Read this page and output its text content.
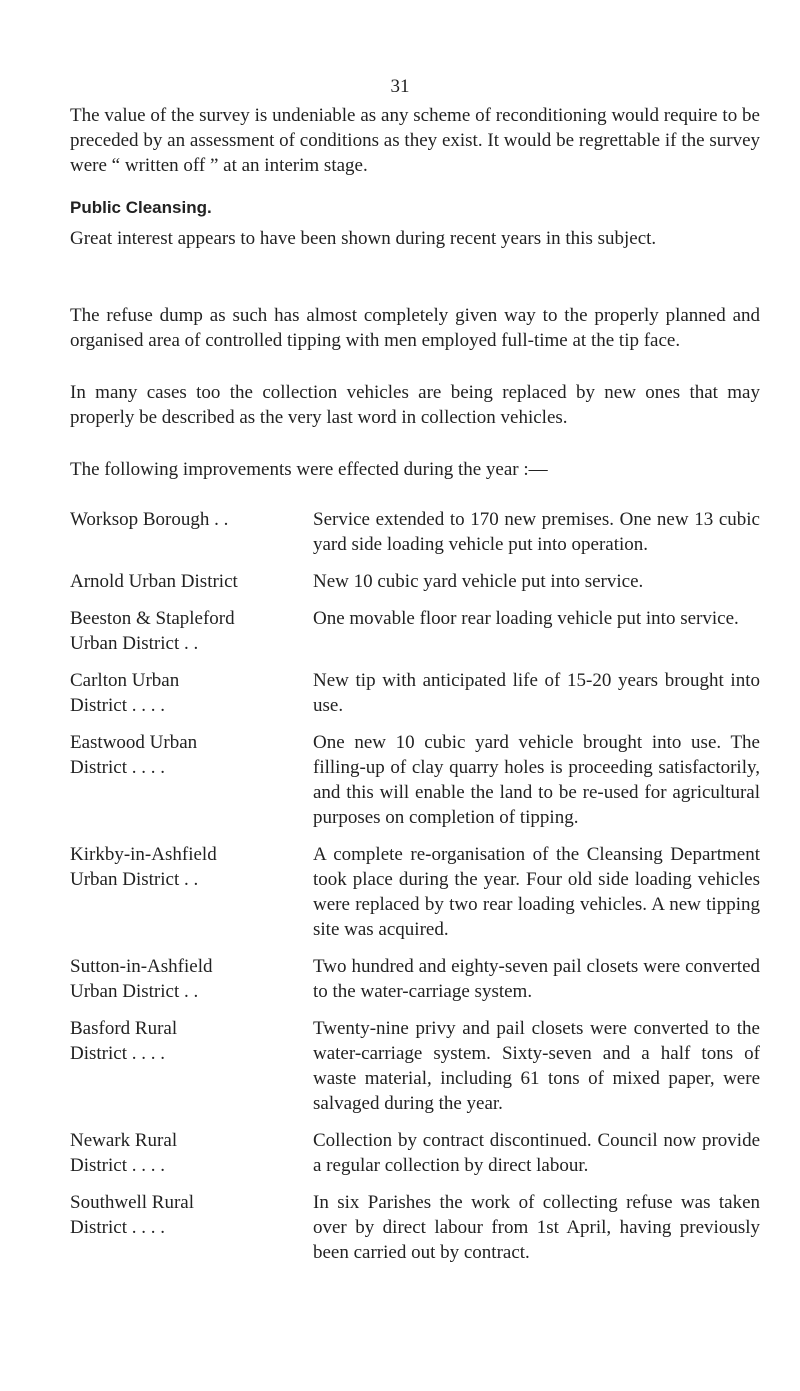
31
The value of the survey is undeniable as any scheme of reconditioning would require to be preceded by an assessment of conditions as they exist. It would be regrettable if the survey were “ written off ” at an interim stage.
Public Cleansing.
Great interest appears to have been shown during recent years in this subject.
The refuse dump as such has almost completely given way to the properly planned and organised area of controlled tipping with men employed full-time at the tip face.
In many cases too the collection vehicles are being replaced by new ones that may properly be described as the very last word in collection vehicles.
The following improvements were effected during the year :—
Worksop Borough . .	Service extended to 170 new premises. One new 13 cubic yard side loading vehicle put into operation.
Arnold Urban District	New 10 cubic yard vehicle put into service.
Beeston & Stapleford
Urban District . .
One movable floor rear loading vehicle put into service.
Carlton Urban
District . . . .
New tip with anticipated life of 15-20 years brought into use.
Eastwood Urban
District . . . .
One new 10 cubic yard vehicle brought into use. The filling-up of clay quarry holes is proceeding satisfactorily, and this will enable the land to be re-used for agricultural purposes on completion of tipping.
Kirkby-in-Ashfield
Urban District . .
A complete re-organisation of the Cleansing Department took place during the year. Four old side loading vehicles were replaced by two rear loading vehicles. A new tipping site was acquired.
Sutton-in-Ashfield
Urban District . .
Two hundred and eighty-seven pail closets were converted to the water-carriage system.
Basford Rural
District . . . .
Twenty-nine privy and pail closets were converted to the water-carriage system. Sixty-seven and a half tons of waste material, including 61 tons of mixed paper, were salvaged during the year.
Newark Rural
District . . . .
Collection by contract discontinued. Council now provide a regular collection by direct labour.
Southwell Rural
District . . . .
In six Parishes the work of collecting refuse was taken over by direct labour from 1st April, having previously been carried out by contract.
